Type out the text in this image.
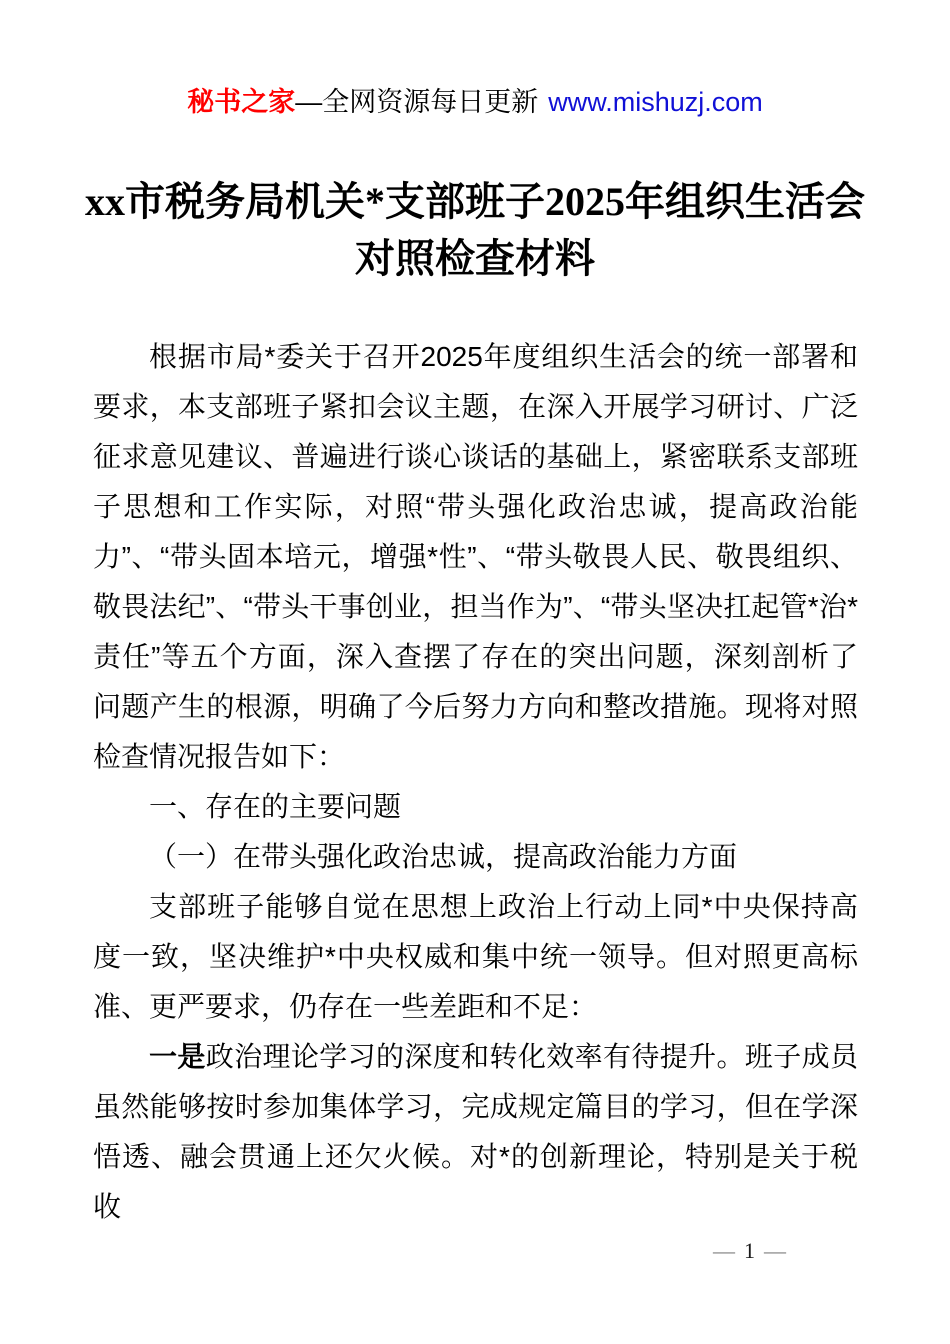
秘书之家—全网资源每日更新 www.mishuzj.com
xx市税务局机关*支部班子2025年组织生活会
对照检查材料

根据市局*委关于召开2025年度组织生活会的统一部署和要求，本支部班子紧扣会议主题，在深入开展学习研讨、广泛征求意见建议、普遍进行谈心谈话的基础上，紧密联系支部班子思想和工作实际，对照“带头强化政治忠诚，提高政治能力”、“带头固本培元，增强*性”、“带头敬畏人民、敬畏组织、敬畏法纪”、“带头干事创业，担当作为”、“带头坚决扛起管*治*责任”等五个方面，深入查摆了存在的突出问题，深刻剖析了问题产生的根源，明确了今后努力方向和整改措施。现将对照检查情况报告如下：

一、存在的主要问题

（一）在带头强化政治忠诚，提高政治能力方面

支部班子能够自觉在思想上政治上行动上同*中央保持高度一致，坚决维护*中央权威和集中统一领导。但对照更高标准、更严要求，仍存在一些差距和不足：

一是政治理论学习的深度和转化效率有待提升。班子成员虽然能够按时参加集体学习，完成规定篇目的学习，但在学深悟透、融会贯通上还欠火候。对*的创新理论，特别是关于税收

— 1 —
